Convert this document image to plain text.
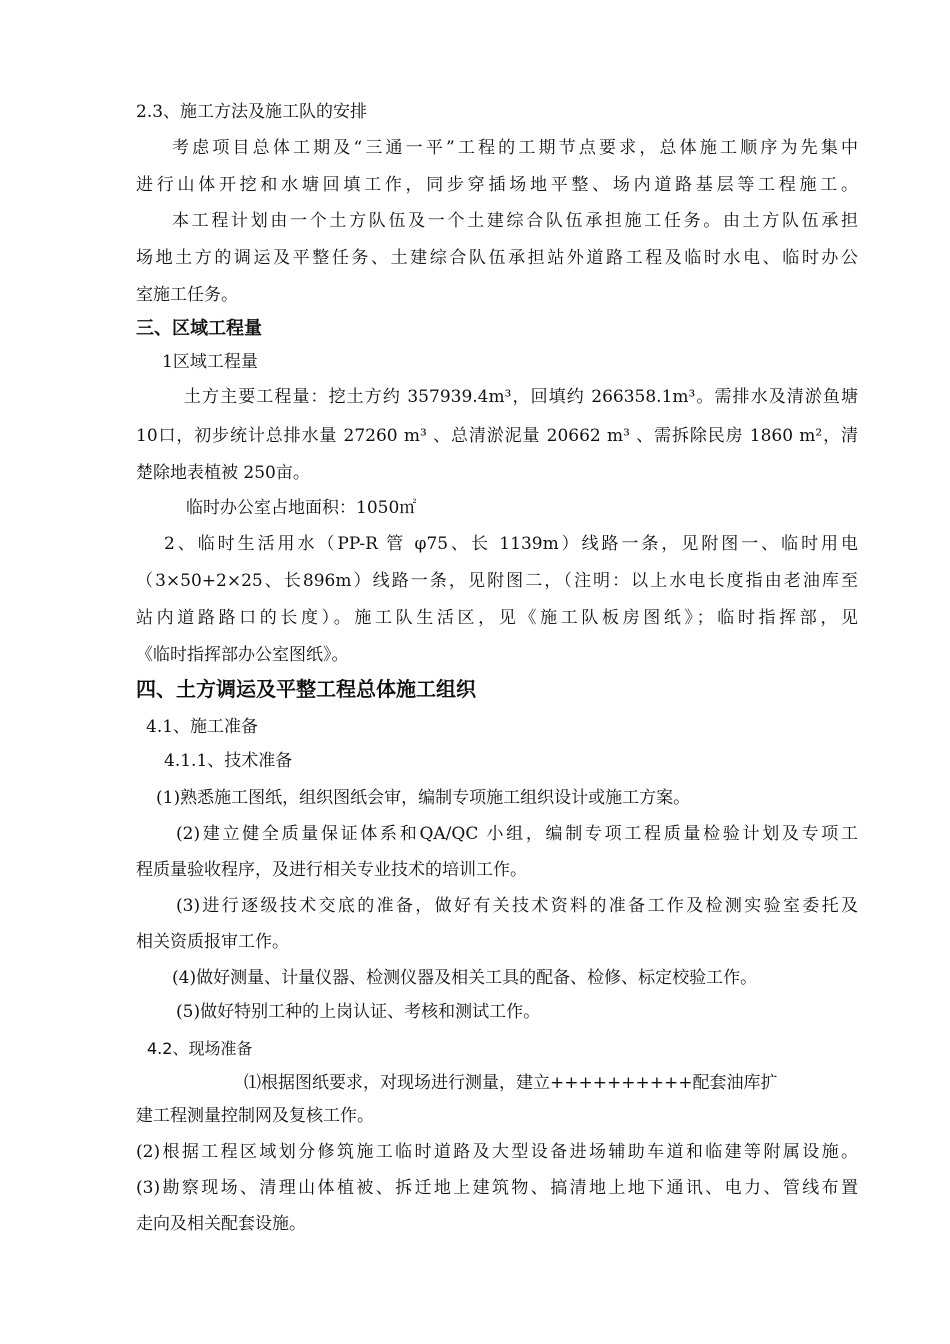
2.3、施工方法及施工队的安排
考虑项目总体工期及“三通一平”工程的工期节点要求，总体施工顺序为先集中
进行山体开挖和水塘回填工作，同步穿插场地平整、场内道路基层等工程施工。
本工程计划由一个土方队伍及一个土建综合队伍承担施工任务。由土方队伍承担
场地土方的调运及平整任务、土建综合队伍承担站外道路工程及临时水电、临时办公
室施工任务。
三、区域工程量
1区域工程量
土方主要工程量：挖土方约 357939.4m³，回填约 266358.1m³。需排水及清淤鱼塘
10口，初步统计总排水量 27260 m³ 、总清淤泥量 20662 m³ 、需拆除民房 1860 m²，清
楚除地表植被 250亩。
临时办公室占地面积：1050㎡
2、临时生活用水（PP-R 管 φ75、长 1139m）线路一条，见附图一、临时用电
（3×50+2×25、长896m）线路一条，见附图二，（注明：以上水电长度指由老油库至
站内道路路口的长度）。施工队生活区，见《施工队板房图纸》；临时指挥部，见
《临时指挥部办公室图纸》。
四、土方调运及平整工程总体施工组织
4.1、施工准备
4.1.1、技术准备
(1)熟悉施工图纸，组织图纸会审，编制专项施工组织设计或施工方案。
(2)建立健全质量保证体系和QA/QC 小组，编制专项工程质量检验计划及专项工
程质量验收程序，及进行相关专业技术的培训工作。
(3)进行逐级技术交底的准备，做好有关技术资料的准备工作及检测实验室委托及
相关资质报审工作。
(4)做好测量、计量仪器、检测仪器及相关工具的配备、检修、标定校验工作。
(5)做好特别工种的上岗认证、考核和测试工作。
4.2、现场准备
⑴根据图纸要求，对现场进行测量，建立++++++++++配套油库扩
建工程测量控制网及复核工作。
(2)根据工程区域划分修筑施工临时道路及大型设备进场辅助车道和临建等附属设施。
(3)勘察现场、清理山体植被、拆迁地上建筑物、搞清地上地下通讯、电力、管线布置
走向及相关配套设施。
